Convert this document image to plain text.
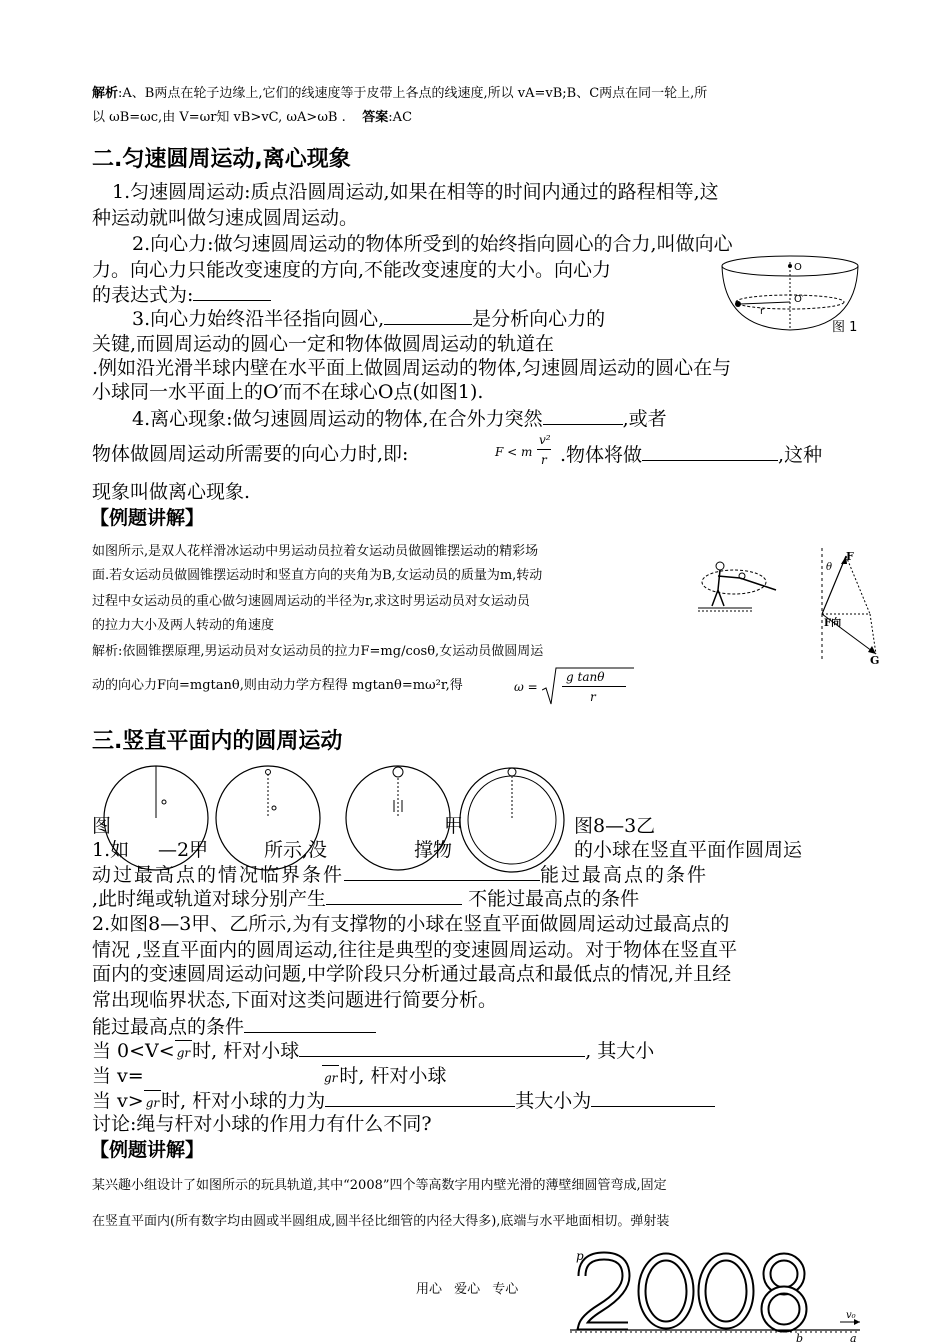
解析:A、B两点在轮子边缘上,它们的线速度等于皮带上各点的线速度,所以 vA=vB;B、C两点在同一轮上,所
以 ωB=ωc,由 V=ωr知 vB>vC, ωA>ωB . 答案:AC
二.匀速圆周运动,离心现象
1.匀速圆周运动:质点沿圆周运动,如果在相等的时间内通过的路程相等,这
种运动就叫做匀速成圆周运动。
2.向心力:做匀速圆周运动的物体所受到的始终指向圆心的合力,叫做向心
力。向心力只能改变速度的方向,不能改变速度的大小。向心力
的表达式为:
3.向心力始终沿半径指向圆心,	是分析向心力的
关键,而圆周运动的圆心一定和物体做圆周运动的轨道在
.例如沿光滑半球内壁在水平面上做圆周运动的物体,匀速圆周运动的圆心在与
小球同一水平面上的O′而不在球心O点(如图1).
4.离心现象:做匀速圆周运动的物体,在合外力突然	,或者
物体做圆周运动所需要的向心力时,即:	F < m
v²
r .物体将做	,这种
现象叫做离心现象.
O
O′
r
图 1
【例题讲解】
如图所示,是双人花样滑冰运动中男运动员拉着女运动员做圆锥摆运动的精彩场
面.若女运动员做圆锥摆运动时和竖直方向的夹角为B,女运动员的质量为m,转动
过程中女运动员的重心做匀速圆周运动的半径为r,求这时男运动员对女运动员
的拉力大小及两人转动的角速度
解析:依圆锥摆原理,男运动员对女运动员的拉力F=mg/cosθ,女运动员做圆周运
动的向心力F向=mgtanθ,则由动力学方程得 mgtanθ=mω²r,得	ω =
g tanθ
r
θ
F
F向
G
三.竖直平面内的圆周运动
图	甲	图8—3乙
1.如 —2甲	所示,没	撑物	的小球在竖直平面作圆周运
动过最高点的情况临界条件	能过最高点的条件
,此时绳或轨道对球分别产生	不能过最高点的条件
2.如图8—3甲、乙所示,为有支撑物的小球在竖直平面做圆周运动过最高点的
情况 ,竖直平面内的圆周运动,往往是典型的变速圆周运动。对于物体在竖直平
面内的变速圆周运动问题,中学阶段只分析通过最高点和最低点的情况,并且经
常出现临界状态,下面对这类问题进行简要分析。
能过最高点的条件
当 0<V< gr 时, 杆对小球	, 其大小
当 v=	gr 时, 杆对小球
当 v> gr 时, 杆对小球的力为	其大小为
讨论:绳与杆对小球的作用力有什么不同?
【例题讲解】
某兴趣小组设计了如图所示的玩具轨道,其中“2008”四个等高数字用内壁光滑的薄壁细圆管弯成,固定
在竖直平面内(所有数字均由圆或半圆组成,圆半径比细管的内径大得多),底端与水平地面相切。弹射装
p
v₀
b	a
用心 爱心 专心
